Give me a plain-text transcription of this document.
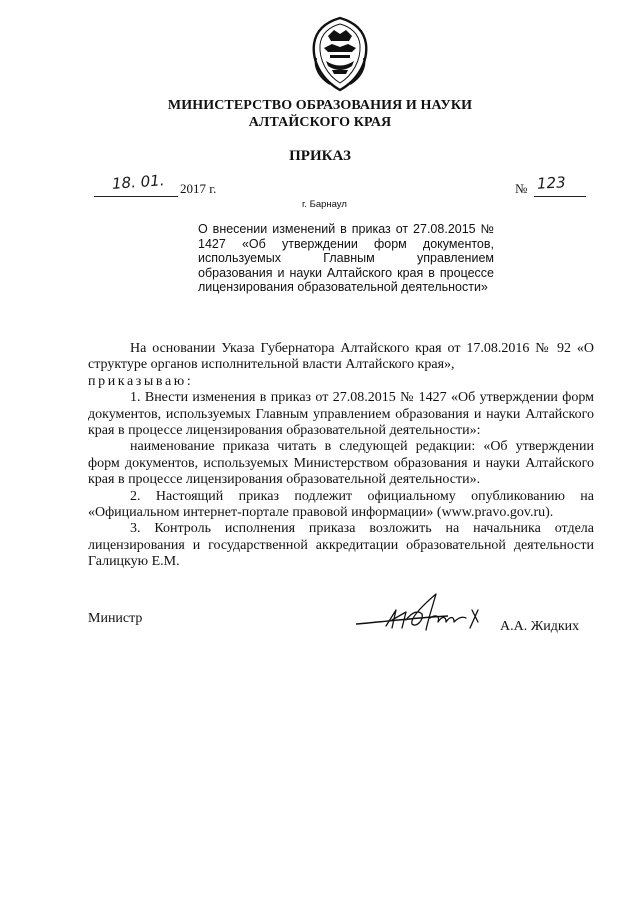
МИНИСТЕРСТВО ОБРАЗОВАНИЯ И НАУКИ
АЛТАЙСКОГО КРАЯ
ПРИКАЗ
18. 01. 2017 г.	№ 123
г. Барнаул
О внесении изменений в приказ от 27.08.2015 № 1427 «Об утверждении форм документов, используемых Главным управлением образования и науки Алтайского края в процессе лицензирования образовательной деятельности»

На основании Указа Губернатора Алтайского края от 17.08.2016 № 92 «О структуре органов исполнительной власти Алтайского края»,

приказываю:

1. Внести изменения в приказ от 27.08.2015 № 1427 «Об утверждении форм документов, используемых Главным управлением образования и науки Алтайского края в процессе лицензирования образовательной деятельности»:

наименование приказа читать в следующей редакции: «Об утверждении форм документов, используемых Министерством образования и науки Алтайского края в процессе лицензирования образовательной деятельности».

2. Настоящий приказ подлежит официальному опубликованию на «Официальном интернет-портале правовой информации» (www.pravo.gov.ru).

3. Контроль исполнения приказа возложить на начальника отдела лицензирования и государственной аккредитации образовательной деятельности Галицкую Е.М.

Министр
А.А. Жидких
